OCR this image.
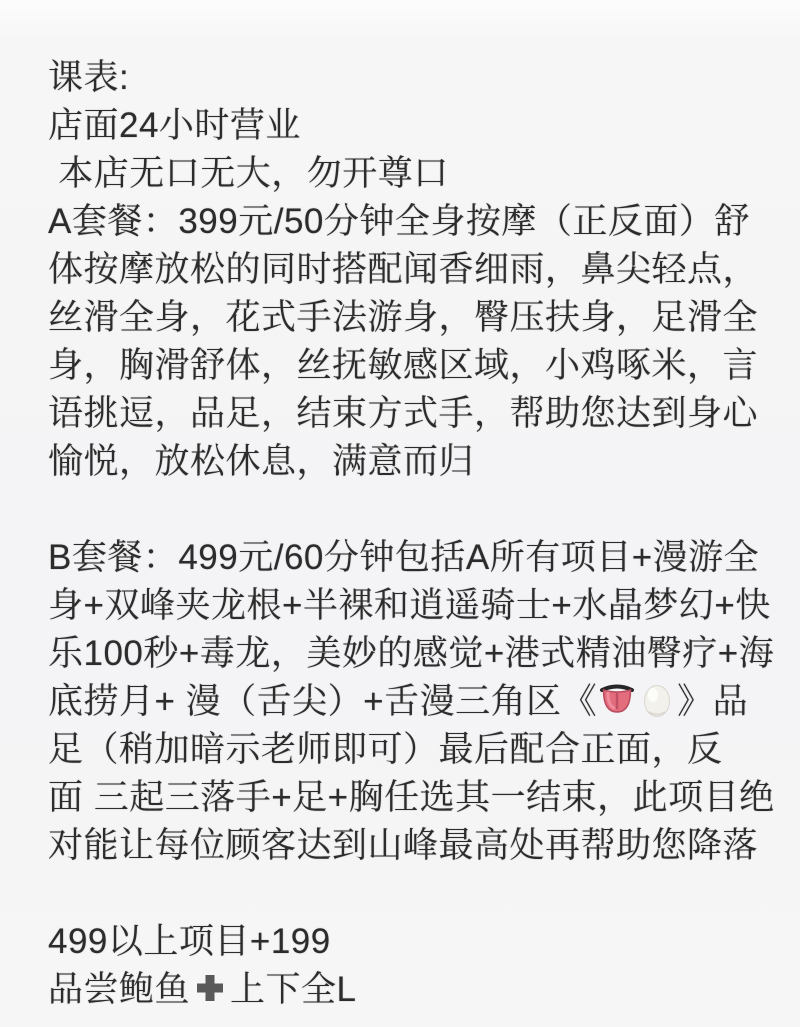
课表:
店面24小时营业
本店无口无大，勿开尊口
A套餐：399元/50分钟全身按摩（正反面）舒
体按摩放松的同时搭配闻香细雨，鼻尖轻点，
丝滑全身，花式手法游身，臀压扶身，足滑全
身，胸滑舒体，丝抚敏感区域，小鸡啄米，言
语挑逗，品足，结束方式手，帮助您达到身心
愉悦，放松休息，满意而归
B套餐：499元/60分钟包括A所有项目+漫游全
身+双峰夹龙根+半裸和逍遥骑士+水晶梦幻+快
乐100秒+毒龙，美妙的感觉+港式精油臀疗+海
底捞月+ 漫（舌尖）+舌漫三角区《 》品
足（稍加暗示老师即可）最后配合正面，反
面 三起三落手+足+胸任选其一结束，此项目绝
对能让每位顾客达到山峰最高处再帮助您降落
499以上项目+199
品尝鲍鱼 上下全L
